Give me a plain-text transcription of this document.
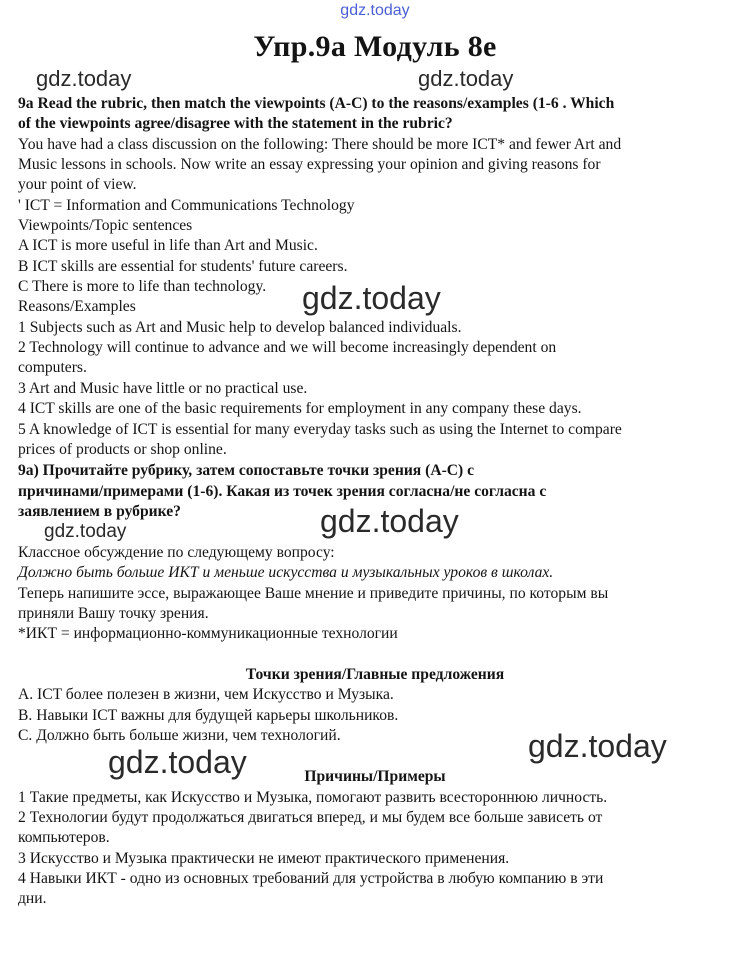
gdz.today
Упр.9а Модуль 8e
9a Read the rubric, then match the viewpoints (A-C) to the reasons/examples (1-6 . Which
of the viewpoints agree/disagree with the statement in the rubric?
You have had a class discussion on the following: There should be more ICT* and fewer Art and
Music lessons in schools. Now write an essay expressing your opinion and giving reasons for
your point of view.
' ICT = Information and Communications Technology
Viewpoints/Topic sentences
A ICT is more useful in life than Art and Music.
B ICT skills are essential for students' future careers.
C There is more to life than technology.
Reasons/Examples
1 Subjects such as Art and Music help to develop balanced individuals.
2 Technology will continue to advance and we will become increasingly dependent on
computers.
3 Art and Music have little or no practical use.
4 ICT skills are one of the basic requirements for employment in any company these days.
5 A knowledge of ICT is essential for many everyday tasks such as using the Internet to compare
prices of products or shop online.
9а) Прочитайте рубрику, затем сопоставьте точки зрения (A-C) с
причинами/примерами (1-6). Какая из точек зрения согласна/не согласна с
заявлением в рубрике?
Классное обсуждение по следующему вопросу:
Должно быть больше ИКТ и меньше искусства и музыкальных уроков в школах.
Теперь напишите эссе, выражающее Ваше мнение и приведите причины, по которым вы
приняли Вашу точку зрения.
*ИКТ = информационно-коммуникационные технологии
Точки зрения/Главные предложения
A. ICT более полезен в жизни, чем Искусство и Музыка.
B. Навыки ICT важны для будущей карьеры школьников.
C. Должно быть больше жизни, чем технологий.
Причины/Примеры
1 Такие предметы, как Искусство и Музыка, помогают развить всестороннюю личность.
2 Технологии будут продолжаться двигаться вперед, и мы будем все больше зависеть от
компьютеров.
3 Искусство и Музыка практически не имеют практического применения.
4 Навыки ИКТ - одно из основных требований для устройства в любую компанию в эти
дни.
gdz.today	gdz.today
gdz.today
gdz.today	gdz.today
gdz.today
gdz.today
